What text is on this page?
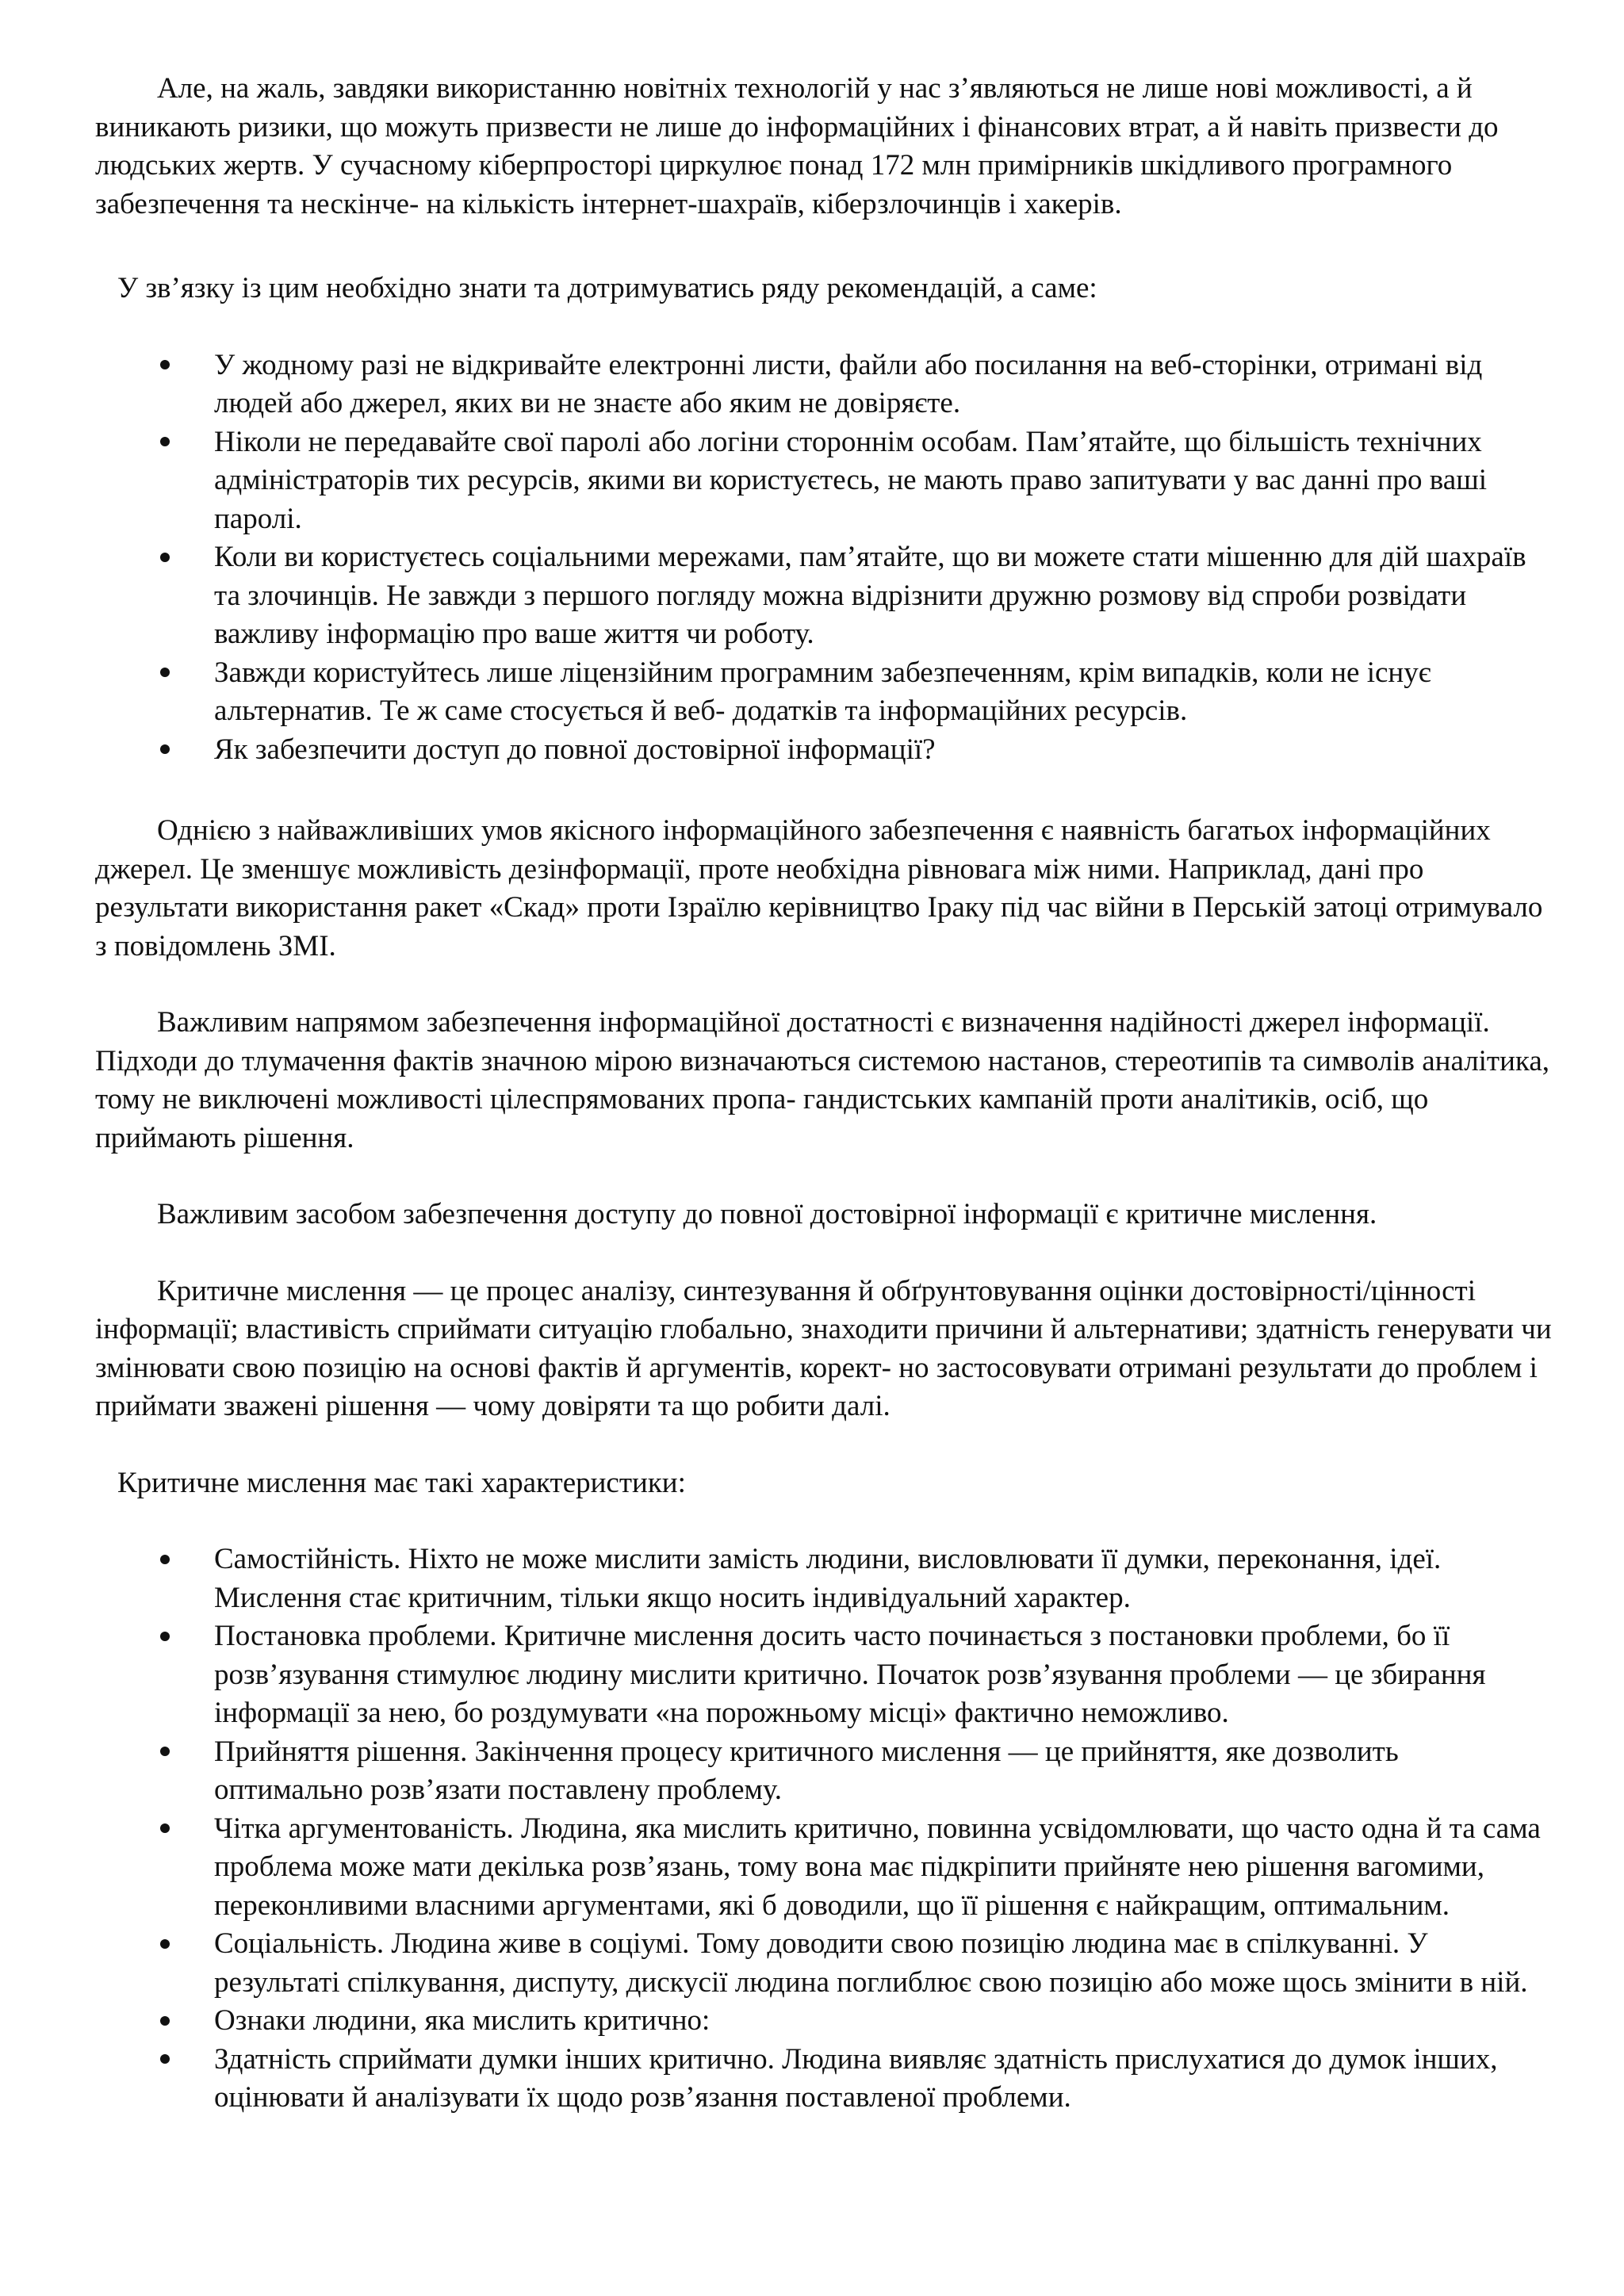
Але, на жаль, завдяки використанню новітніх технологій у нас з’являються не лише нові можливості, а й виникають ризики, що можуть призвести не лише до інформаційних і фінансових втрат, а й навіть призвести до людських жертв. У сучасному кіберпросторі циркулює понад 172 млн примірників шкідливого програмного забезпечення та нескінче- на кількість інтернет-шахраїв, кіберзлочинців і хакерів.

У зв’язку із цим необхідно знати та дотримуватись ряду рекомендацій, а саме:

У жодному разі не відкривайте електронні листи, файли або посилання на веб-сторінки, отримані від людей або джерел, яких ви не знаєте або яким не довіряєте.
Ніколи не передавайте свої паролі або логіни стороннім особам. Пам’ятайте, що більшість технічних адміністраторів тих ресурсів, якими ви користуєтесь, не мають право запитувати у вас данні про ваші паролі.
Коли ви користуєтесь соціальними мережами, пам’ятайте, що ви можете стати мішенню для дій шахраїв та злочинців. Не завжди з першого погляду можна відрізнити дружню розмову від спроби розвідати важливу інформацію про ваше життя чи роботу.
Завжди користуйтесь лише ліцензійним програмним забезпеченням, крім випадків, коли не існує альтернатив. Те ж саме стосується й веб- додатків та інформаційних ресурсів.
Як забезпечити доступ до повної достовірної інформації?

Однією з найважливіших умов якісного інформаційного забезпечення є наявність багатьох інформаційних джерел. Це зменшує можливість дезінформації, проте необхідна рівновага між ними. Наприклад, дані про результати використання ракет «Скад» проти Ізраїлю керівництво Іраку під час війни в Перській затоці отримувало з повідомлень ЗМІ.

Важливим напрямом забезпечення інформаційної достатності є визначення надійності джерел інформації. Підходи до тлумачення фактів значною мірою визначаються системою настанов, стереотипів та символів аналітика, тому не виключені можливості цілеспрямованих пропа- гандистських кампаній проти аналітиків, осіб, що приймають рішення.

Важливим засобом забезпечення доступу до повної достовірної інформації є критичне мислення.

Критичне мислення — це процес аналізу, синтезування й обґрунтовування оцінки достовірності/цінності інформації; властивість сприймати ситуацію глобально, знаходити причини й альтернативи; здатність генерувати чи змінювати свою позицію на основі фактів й аргументів, корект- но застосовувати отримані результати до проблем і приймати зважені рішення — чому довіряти та що робити далі.

Критичне мислення має такі характеристики:

Самостійність. Ніхто не може мислити замість людини, висловлювати її думки, переконання, ідеї. Мислення стає критичним, тільки якщо носить індивідуальний характер.
Постановка проблеми. Критичне мислення досить часто починається з постановки проблеми, бо її розв’язування стимулює людину мислити критично. Початок розв’язування проблеми — це збирання інформації за нею, бо роздумувати «на порожньому місці» фактично неможливо.
Прийняття рішення. Закінчення процесу критичного мислення — це прийняття, яке дозволить оптимально розв’язати поставлену проблему.
Чітка аргументованість. Людина, яка мислить критично, повинна усвідомлювати, що часто одна й та сама проблема може мати декілька розв’язань, тому вона має підкріпити прийняте нею рішення вагомими, переконливими власними аргументами, які б доводили, що її рішення є найкращим, оптимальним.
Соціальність. Людина живе в соціумі. Тому доводити свою позицію людина має в спілкуванні. У результаті спілкування, диспуту, дискусії людина поглиблює свою позицію або може щось змінити в ній.
Ознаки людини, яка мислить критично:
Здатність сприймати думки інших критично. Людина виявляє здатність прислухатися до думок інших, оцінювати й аналізувати їх щодо розв’язання поставленої проблеми.
